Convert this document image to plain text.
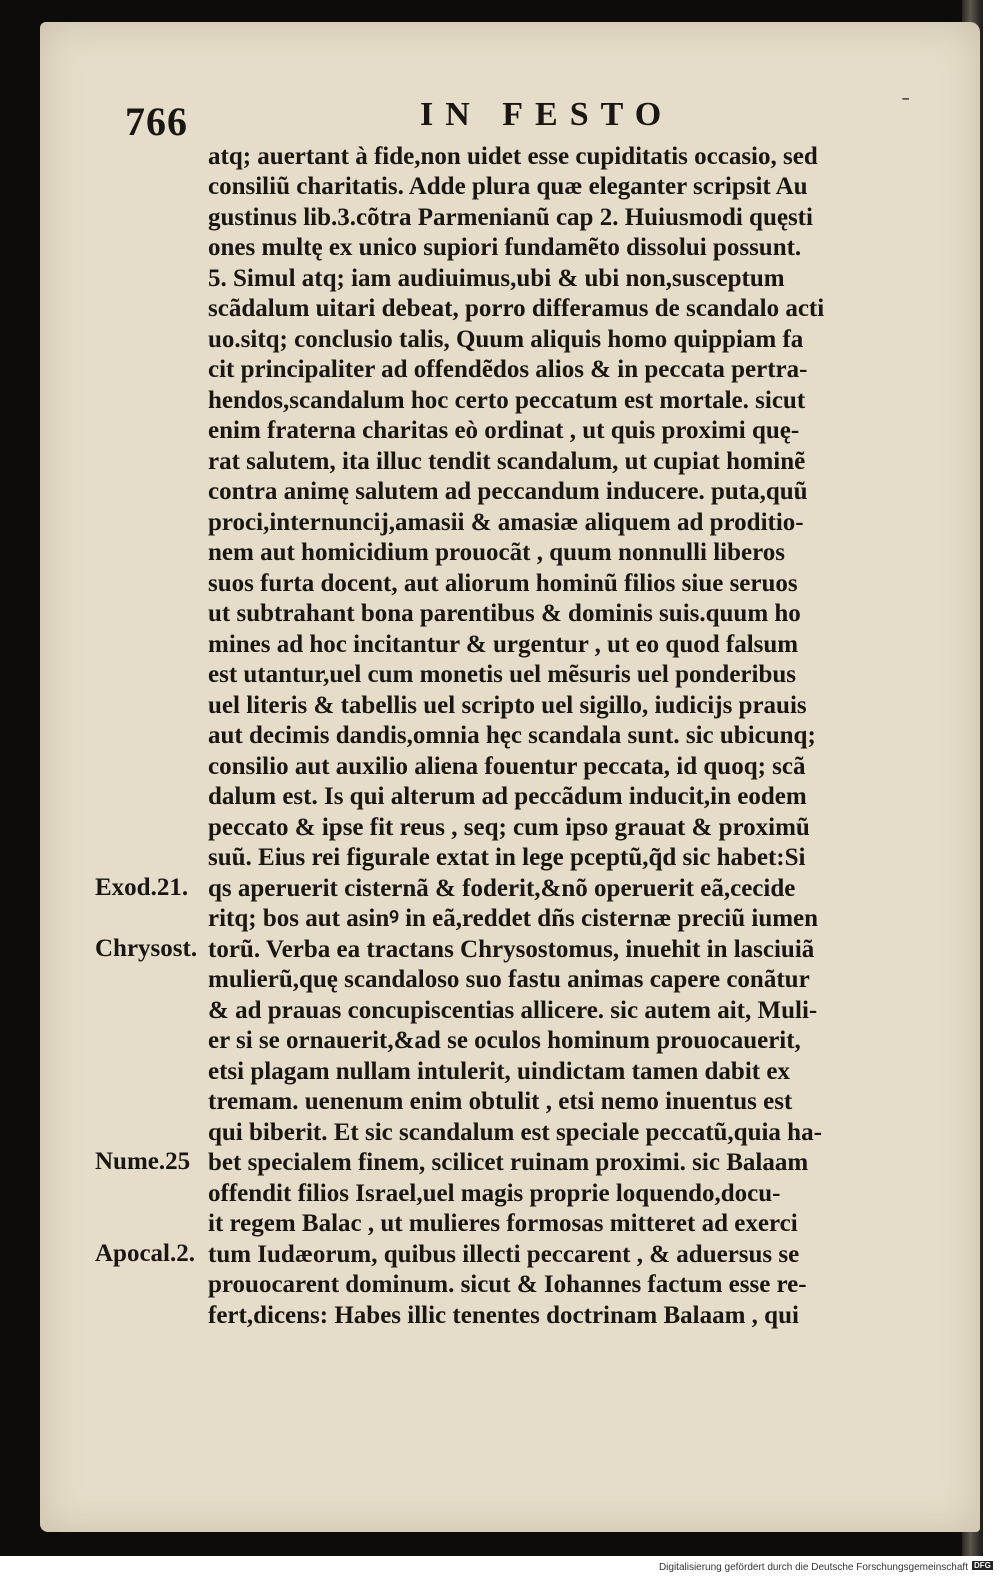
766	IN FESTO	ˉ
atq; auertant à fide,non uidet esse cupiditatis occasio, sed
consiliũ charitatis. Adde plura quæ eleganter scripsit Au
gustinus lib.3.cõtra Parmenianũ cap 2. Huiusmodi quęsti
ones multę ex unico supiori fundamẽto dissolui possunt.
5. Simul atq; iam audiuimus,ubi & ubi non,susceptum
scãdalum uitari debeat, porro differamus de scandalo acti
uo.sitq; conclusio talis, Quum aliquis homo quippiam fa
cit principaliter ad offendẽdos alios & in peccata pertra-
hendos,scandalum hoc certo peccatum est mortale. sicut
enim fraterna charitas eò ordinat , ut quis proximi quę-
rat salutem, ita illuc tendit scandalum, ut cupiat hominẽ
contra animę salutem ad peccandum inducere. puta,quũ
proci,internuncij,amasii & amasiæ aliquem ad proditio-
nem aut homicidium prouocãt , quum nonnulli liberos
suos furta docent, aut aliorum hominũ filios siue seruos
ut subtrahant bona parentibus & dominis suis.quum ho
mines ad hoc incitantur & urgentur , ut eo quod falsum
est utantur,uel cum monetis uel mẽsuris uel ponderibus
uel literis & tabellis uel scripto uel sigillo, iudicijs prauis
aut decimis dandis,omnia hęc scandala sunt. sic ubicunq;
consilio aut auxilio aliena fouentur peccata, id quoq; scã
dalum est. Is qui alterum ad peccãdum inducit,in eodem
peccato & ipse fit reus , seq; cum ipso grauat & proximũ
suũ. Eius rei figurale extat in lege pceptũ,q̃d sic habet:Si
qs aperuerit cisternã & foderit,&nõ operuerit eã,cecide
ritq; bos aut asinꝰ in eã,reddet dñs cisternæ preciũ iumen
torũ. Verba ea tractans Chrysostomus, inuehit in lasciuiã
mulierũ,quę scandaloso suo fastu animas capere conãtur
& ad prauas concupiscentias allicere. sic autem ait, Muli-
er si se ornauerit,&ad se oculos hominum prouocauerit,
etsi plagam nullam intulerit, uindictam tamen dabit ex
tremam. uenenum enim obtulit , etsi nemo inuentus est
qui biberit. Et sic scandalum est speciale peccatũ,quia ha-
bet specialem finem, scilicet ruinam proximi. sic Balaam
offendit filios Israel,uel magis proprie loquendo,docu-
it regem Balac , ut mulieres formosas mitteret ad exerci
tum Iudæorum, quibus illecti peccarent , & aduersus se
prouocarent dominum. sicut & Iohannes factum esse re-
fert,dicens: Habes illic tenentes doctrinam Balaam , qui
Exod.21.
Chrysost.
Nume.25
Apocal.2.
Digitalisierung gefördert durch die Deutsche Forschungsgemeinschaft DFG
